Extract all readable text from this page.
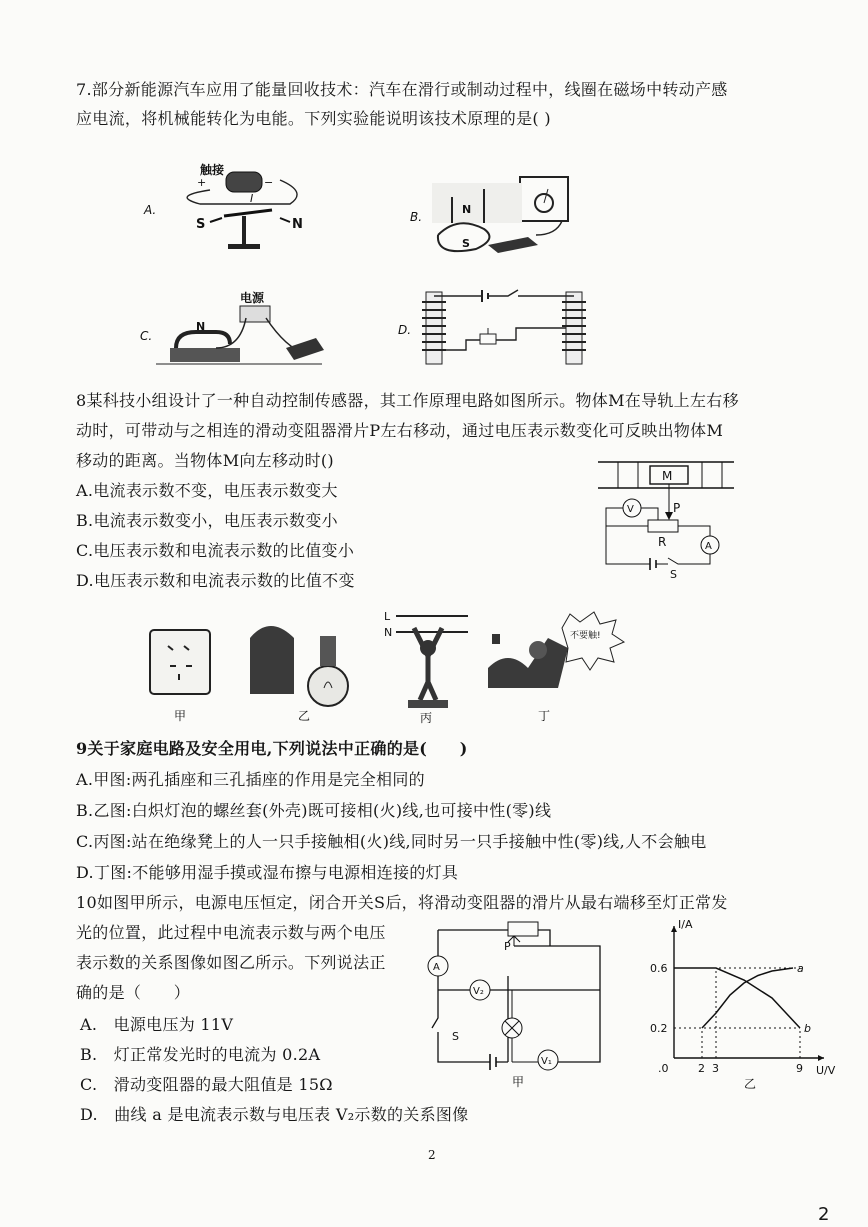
7.部分新能源汽车应用了能量回收技术：汽车在滑行或制动过程中，线圈在磁场中转动产感
应电流，将机械能转化为电能。下列实验能说明该技术原理的是( )
A.
触接
+	−
I
S	N	B.
N
S
C.
电源
N	D.
8某科技小组设计了一种自动控制传感器，其工作原理电路如图所示。物体M在导轨上左右移
动时，可带动与之相连的滑动变阻器滑片P左右移动，通过电压表示数变化可反映出物体M
移动的距离。当物体M向左移动时()
A.电流表示数不变，电压表示数变大
B.电流表示数变小，电压表示数变小
C.电压表示数和电流表示数的比值变小
D.电压表示数和电流表示数的比值不变
M
P
V
R	A
S
甲	乙
L
N
丙
不要触!
丁
9关于家庭电路及安全用电,下列说法中正确的是(　　)
A.甲图:两孔插座和三孔插座的作用是完全相同的
B.乙图:白炽灯泡的螺丝套(外壳)既可接相(火)线,也可接中性(零)线
C.丙图:站在绝缘凳上的人一只手接触相(火)线,同时另一只手接触中性(零)线,人不会触电
D.丁图:不能够用湿手摸或湿布擦与电源相连接的灯具
10如图甲所示，电源电压恒定，闭合开关S后，将滑动变阻器的滑片从最右端移至灯正常发
光的位置，此过程中电流表示数与两个电压
表示数的关系图像如图乙所示。下列说法正
确的是（　　）
A.　电源电压为 11V
B.　灯正常发光时的电流为 0.2A
C.　滑动变阻器的最大阻值是 15Ω
D.　曲线 a 是电流表示数与电压表 V₂示数的关系图像
P
A
S
V₂
V₁
甲
I/A
U/V
0.6
0.2
.0	2 3	9
a
b
乙
2
2
